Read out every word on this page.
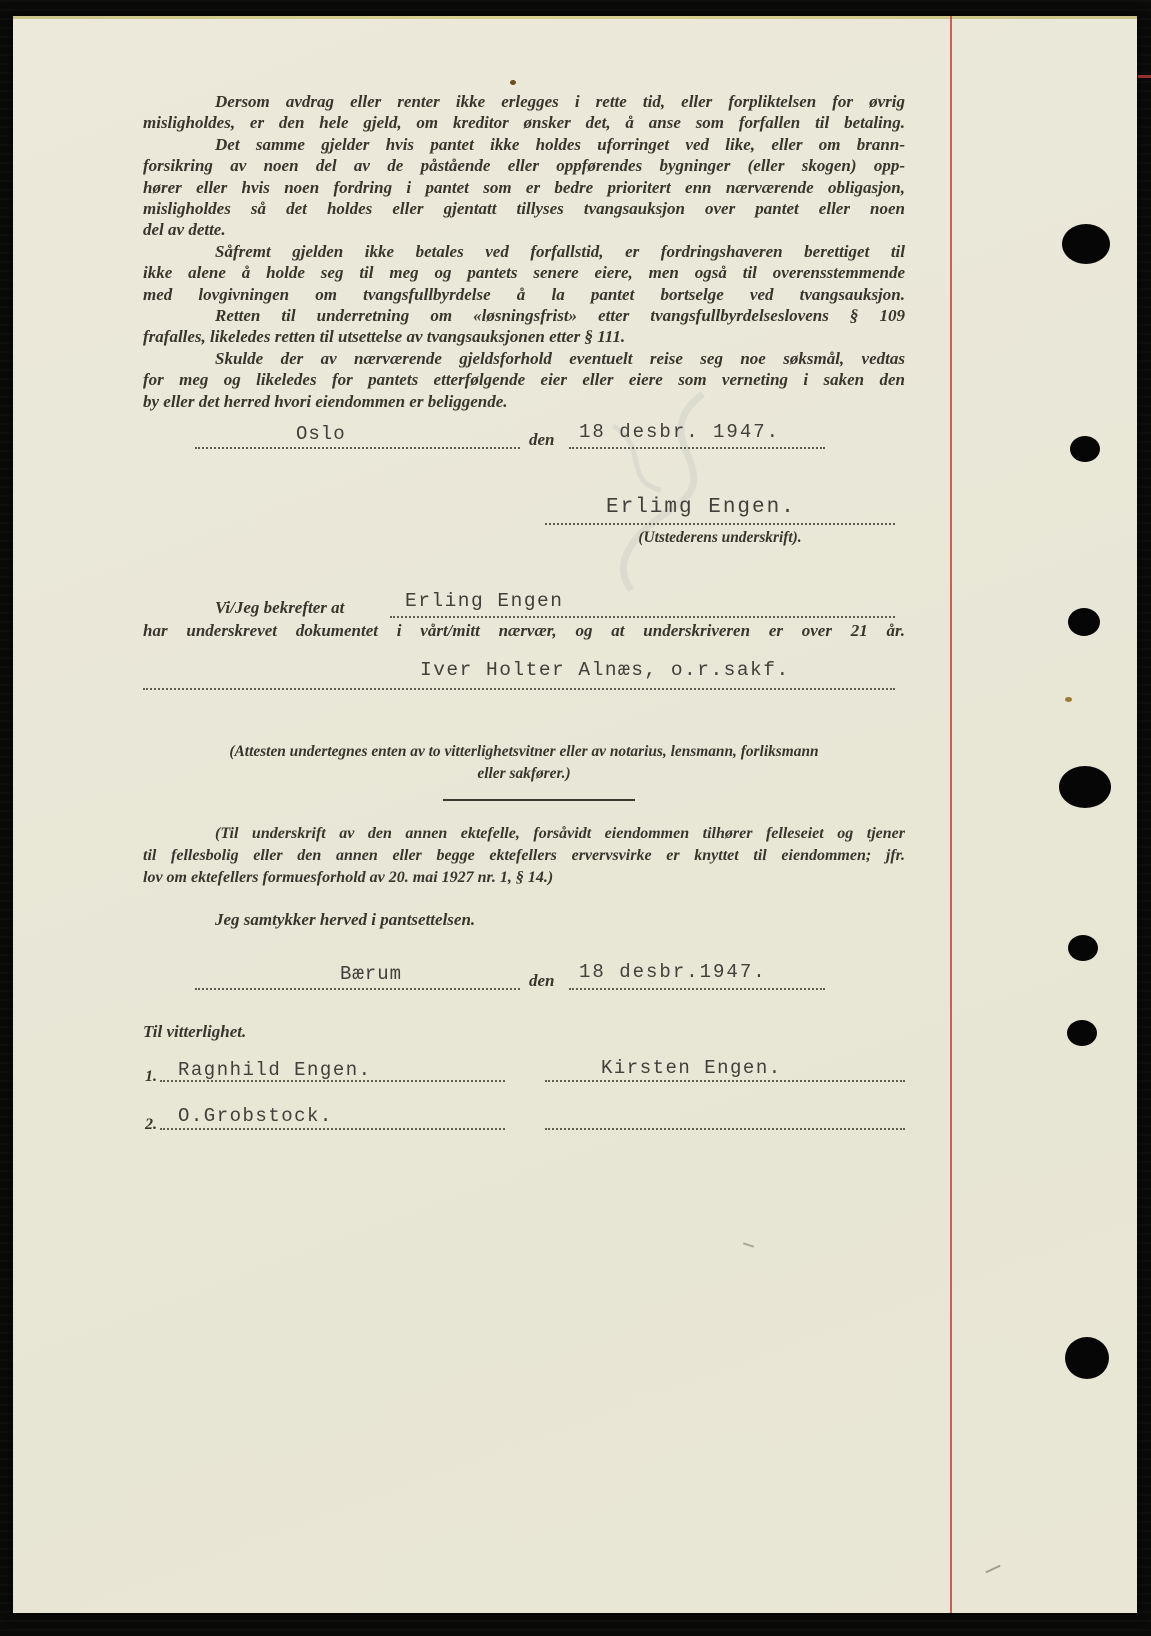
Dersom avdrag eller renter ikke erlegges i rette tid, eller forpliktelsen for øvrig
misligholdes, er den hele gjeld, om kreditor ønsker det, å anse som forfallen til betaling.
Det samme gjelder hvis pantet ikke holdes uforringet ved like, eller om brann-
forsikring av noen del av de påstående eller oppførendes bygninger (eller skogen) opp-
hører eller hvis noen fordring i pantet som er bedre prioritert enn nærværende obligasjon,
misligholdes så det holdes eller gjentatt tillyses tvangsauksjon over pantet eller noen
del av dette.
Såfremt gjelden ikke betales ved forfallstid, er fordringshaveren berettiget til
ikke alene å holde seg til meg og pantets senere eiere, men også til overensstemmende
med lovgivningen om tvangsfullbyrdelse å la pantet bortselge ved tvangsauksjon.
Retten til underretning om «løsningsfrist» etter tvangsfullbyrdelseslovens § 109
frafalles, likeledes retten til utsettelse av tvangsauksjonen etter § 111.
Skulde der av nærværende gjeldsforhold eventuelt reise seg noe søksmål, vedtas
for meg og likeledes for pantets etterfølgende eier eller eiere som verneting i saken den
by eller det herred hvori eiendommen er beliggende.
Oslo	den 18 desbr. 1947.
Erlimg Engen.
(Utstederens underskrift).
Vi/Jeg bekrefter at	Erling Engen
har underskrevet dokumentet i vårt/mitt nærvær, og at underskriveren er over 21 år.
Iver Holter Alnæs, o.r.sakf.
(Attesten undertegnes enten av to vitterlighetsvitner eller av notarius, lensmann, forliksmann
eller sakfører.)
(Til underskrift av den annen ektefelle, forsåvidt eiendommen tilhører felleseiet og tjener
til fellesbolig eller den annen eller begge ektefellers ervervsvirke er knyttet til eiendommen; jfr.
lov om ektefellers formuesforhold av 20. mai 1927 nr. 1, § 14.)
Jeg samtykker herved i pantsettelsen.
Bærum	den 18 desbr.1947.
Til vitterlighet.
1. Ragnhild Engen.	Kirsten Engen.
2. O.Grobstock.
